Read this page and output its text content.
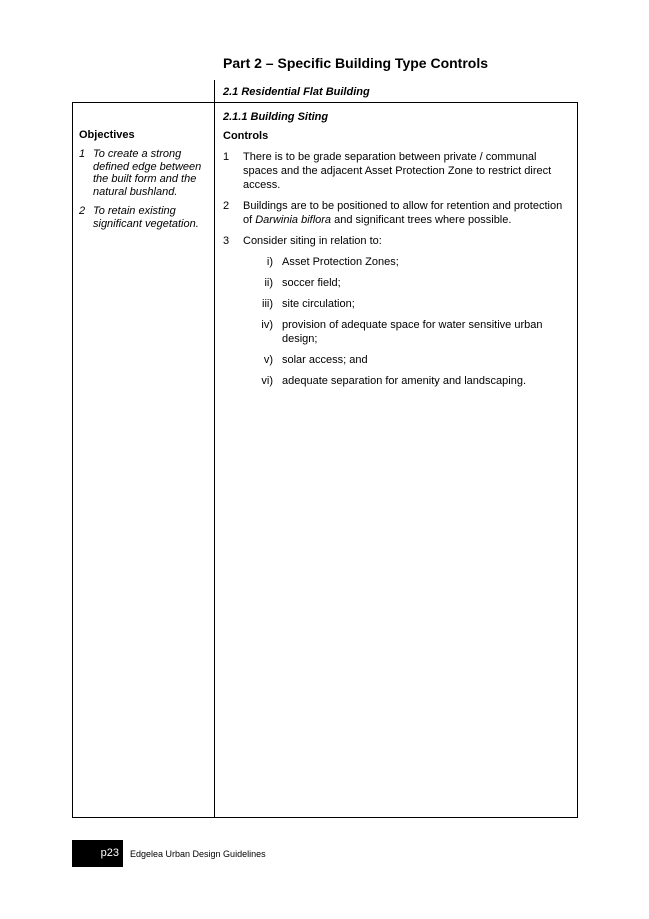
Part 2 – Specific Building Type Controls
2.1 Residential Flat Building
Objectives
1 To create a strong defined edge between the built form and the natural bushland.
2 To retain existing significant vegetation.
2.1.1 Building Siting
Controls
1 There is to be grade separation between private / communal spaces and the adjacent Asset Protection Zone to restrict direct access.
2 Buildings are to be positioned to allow for retention and protection of Darwinia biflora and significant trees where possible.
3 Consider siting in relation to:
i) Asset Protection Zones;
ii) soccer field;
iii) site circulation;
iv) provision of adequate space for water sensitive urban design;
v) solar access; and
vi) adequate separation for amenity and landscaping.
p23 Edgelea Urban Design Guidelines
